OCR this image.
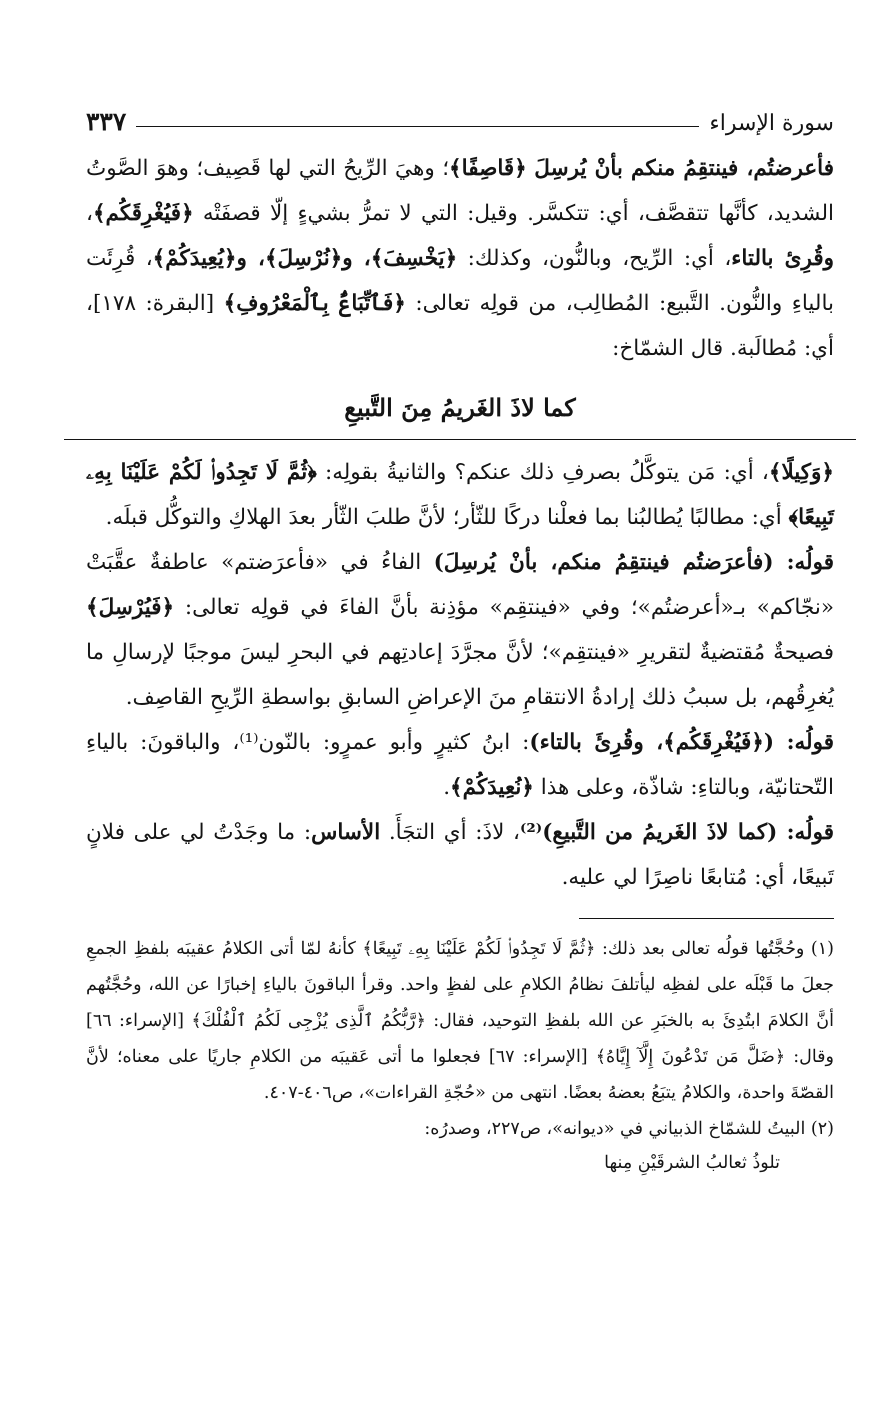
سورة الإسراء
٣٣٧

فأعرضتُم، فينتقِمُ منكم بأنْ يُرسِلَ ﴿قَاصِفًا﴾؛ وهيَ الرِّيحُ التي لها قَصِيف؛ وهوَ الصَّوتُ الشديد، كأنَّها تتقصَّف، أي: تتكسَّر. وقيل: التي لا تمرُّ بشيءٍ إلّا قصفَتْه ﴿فَيُغْرِقَكُم﴾، وقُرِئ بالتاء، أي: الرِّيح، وبالنُّون، وكذلك: ﴿يَخْسِفَ﴾، و﴿نُرْسِلَ﴾، و﴿يُعِيدَكُمْ﴾، قُرِئَت بالياءِ والنُّون. التَّبيع: المُطالِب، من قولِه تعالى: ﴿فَٱتِّبَاعٌۢ بِٱلْمَعْرُوفِ﴾ [البقرة: ١٧٨]، أي: مُطالَبة. قال الشمّاخ:

كما لاذَ الغَريمُ مِنَ التَّبيعِ

﴿وَكِيلًا﴾، أي: مَن يتوكَّلُ بصرفِ ذلك عنكم؟ والثانيةُ بقولِه: ﴿ثُمَّ لَا تَجِدُوا۟ لَكُمْ عَلَيْنَا بِهِۦ تَبِيعًا﴾ أي: مطالبًا يُطالبُنا بما فعلْنا دركًا للثّأر؛ لأنَّ طلبَ الثّأر بعدَ الهلاكِ والتوكُّل قبلَه.

قولُه: (فأعرَضتُم فينتقِمُ منكم، بأنْ يُرسِلَ) الفاءُ في «فأعرَضتم» عاطفةٌ عقَّبَتْ «نجّاكم» بـ«أعرضتُم»؛ وفي «فينتقِم» مؤذِنة بأنَّ الفاءَ في قولِه تعالى: ﴿فَيُرْسِلَ﴾ فصيحةٌ مُقتضيةٌ لتقريرِ «فينتقِم»؛ لأنَّ مجرَّدَ إعادتِهم في البحرِ ليسَ موجبًا لإرسالِ ما يُغرِقُهم، بل سببُ ذلك إرادةُ الانتقامِ منَ الإعراضِ السابقِ بواسطةِ الرِّيحِ القاصِف.

قولُه: (﴿فَيُغْرِقَكُم﴾، وقُرِئَ بالتاء): ابنُ كثيرٍ وأبو عمرٍو: بالنّون⁽¹⁾، والباقونَ: بالياءِ التّحتانيّة، وبالتاءِ: شاذّة، وعلى هذا ﴿نُعِيدَكُمْ﴾.

قولُه: (كما لاذَ الغَريمُ من التَّبيعِ)⁽²⁾، لاذَ: أي التجَأَ. الأساس: ما وجَدْتُ لي على فلانٍ تَبيعًا، أي: مُتابعًا ناصِرًا لي عليه.

(١) وحُجَّتُها قولُه تعالى بعد ذلك: ﴿ثُمَّ لَا تَجِدُوا۟ لَكُمْ عَلَيْنَا بِهِۦ تَبِيعًا﴾ كأنهُ لمّا أتى الكلامُ عقيبَه بلفظِ الجمعِ جعلَ ما قَبْلَه على لفظِه ليأتلفَ نظامُ الكلامِ على لفظٍ واحد. وقرأ الباقونَ بالياءِ إخبارًا عن الله، وحُجَّتُهم أنَّ الكلامَ ابتُدِئَ به بالخبَرِ عن الله بلفظِ التوحيد، فقال: ﴿رَّبُّكُمُ ٱلَّذِى يُزْجِى لَكُمُ ٱلْفُلْكَ﴾ [الإسراء: ٦٦] وقال: ﴿ضَلَّ مَن تَدْعُونَ إِلَّآ إِيَّاهُ﴾ [الإسراء: ٦٧] فجعلوا ما أتى عَقيبَه من الكلامِ جاريًا على معناه؛ لأنَّ القصّةَ واحدة، والكلامُ يتبَعُ بعضهُ بعضًا. انتهى من «حُجّةِ القراءات»، ص٤٠٦-٤٠٧.

(٢) البيتُ للشمّاخ الذبياني في «ديوانه»، ص٢٢٧، وصدرُه:

تلوذُ ثعالبُ الشرقَيْنِ مِنها
